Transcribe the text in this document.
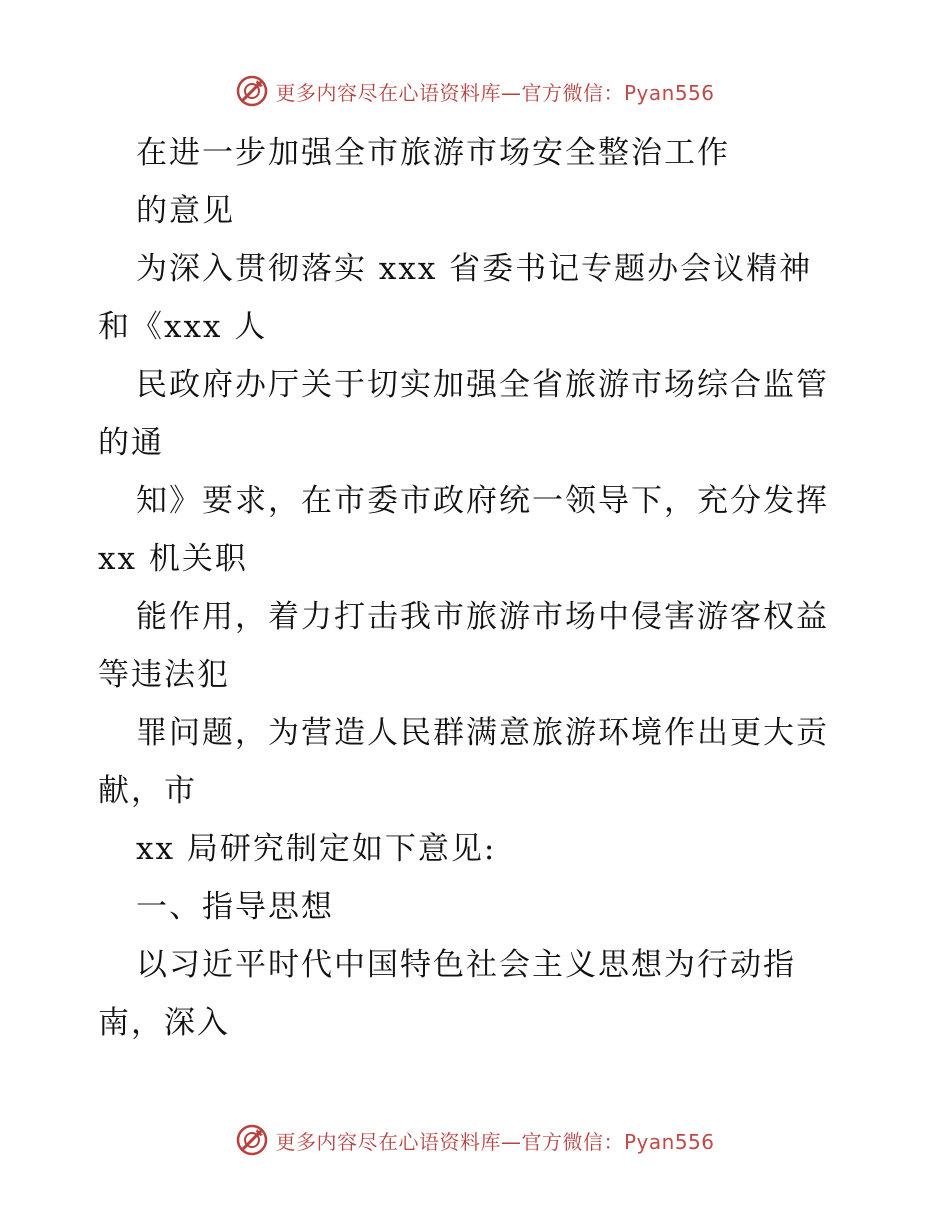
更多内容尽在心语资料库—官方微信：Pyan556
在进一步加强全市旅游市场安全整治工作
的意见
为深入贯彻落实 xxx 省委书记专题办会议精神
和《xxx 人
民政府办厅关于切实加强全省旅游市场综合监管
的通
知》要求，在市委市政府统一领导下，充分发挥
xx 机关职
能作用，着力打击我市旅游市场中侵害游客权益
等违法犯
罪问题，为营造人民群满意旅游环境作出更大贡
献，市
xx 局研究制定如下意见:
一、指导思想
以习近平时代中国特色社会主义思想为行动指
南，深入
更多内容尽在心语资料库—官方微信：Pyan556
